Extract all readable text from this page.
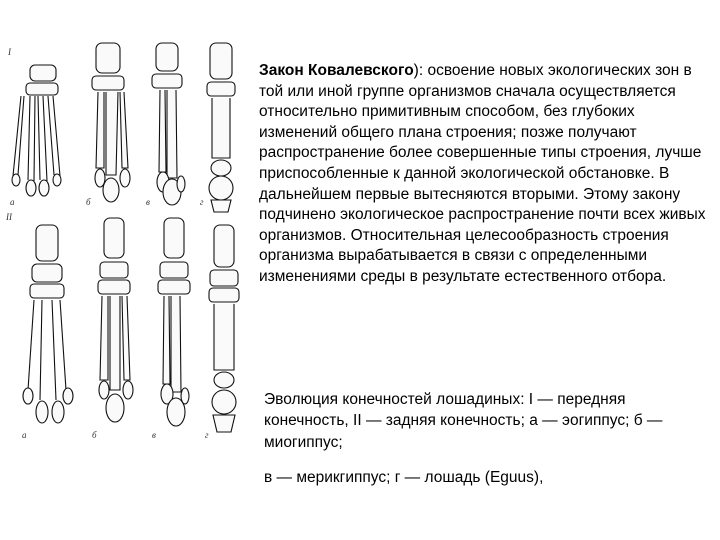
I
II
а	б	в	г
а	б	в	г

Закон Ковалевского): освоение новых экологических зон в той или иной группе организмов сначала осуществляется относительно примитивным способом, без глубоких изменений общего плана строения; позже получают распространение более совершенные типы строения, лучше приспособленные к данной экологической обстановке. В дальнейшем первые вытесняются вторыми. Этому закону подчинено экологическое распространение почти всех живых организмов. Относительная целесообразность строения организма вырабатывается в связи с определенными изменениями среды в результате естественного отбора.

Эволюция конечностей лошадиных: I — передняя конечность, II — задняя конечность; а — эогиппус; б — миогиппус;

в — мерикгиппус; г — лошадь (Eguus),
